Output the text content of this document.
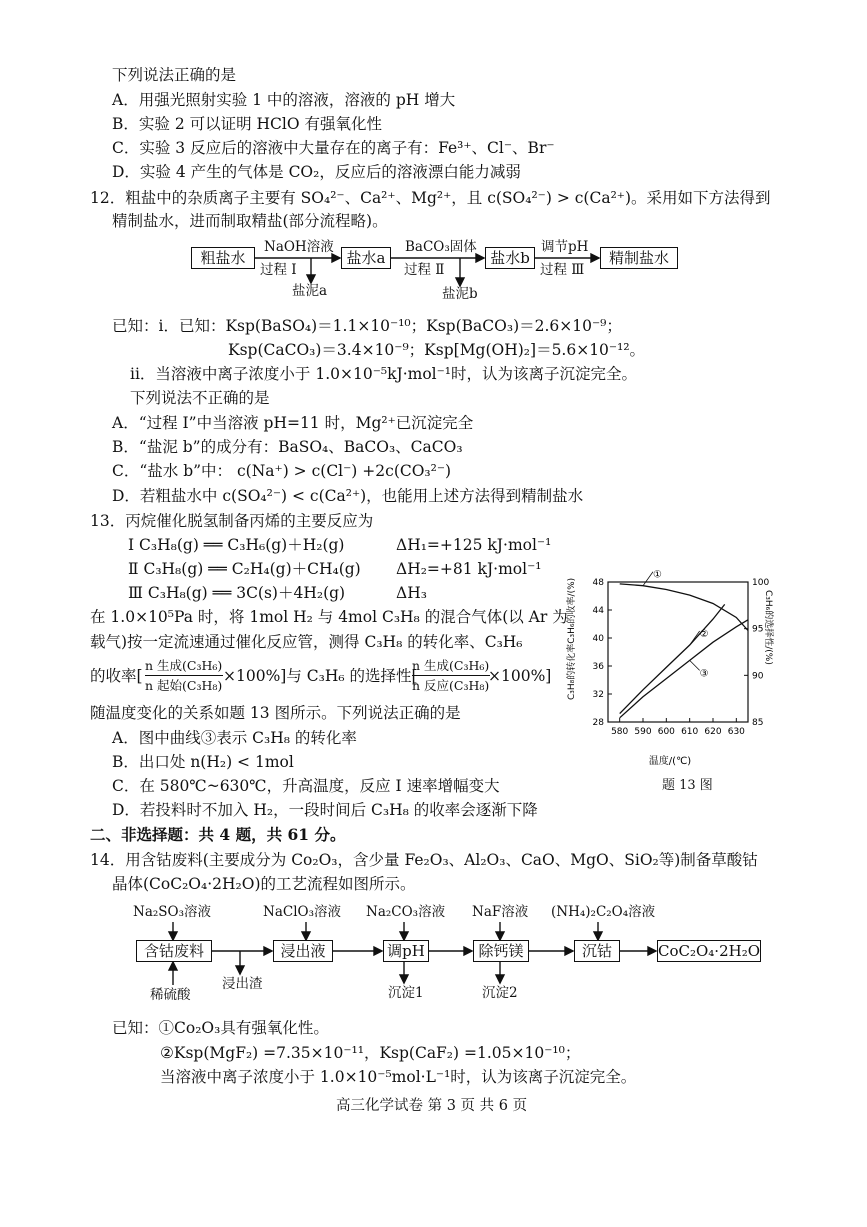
下列说法正确的是
A．用强光照射实验 1 中的溶液，溶液的 pH 增大
B．实验 2 可以证明 HClO 有强氧化性
C．实验 3 反应后的溶液中大量存在的离子有：Fe³⁺、Cl⁻、Br⁻
D．实验 4 产生的气体是 CO₂，反应后的溶液漂白能力减弱
12．粗盐中的杂质离子主要有 SO₄²⁻、Ca²⁺、Mg²⁺，且 c(SO₄²⁻) > c(Ca²⁺)。采用如下方法得到
精制盐水，进而制取精盐(部分流程略)。
粗盐水	盐水a	盐水b	精制盐水
NaOH溶液	BaCO₃固体	调节pH
过程 Ⅰ	过程 Ⅱ	过程 Ⅲ
盐泥a	盐泥b
已知：i．已知：Ksp(BaSO₄)＝1.1×10⁻¹⁰；Ksp(BaCO₃)＝2.6×10⁻⁹；
Ksp(CaCO₃)＝3.4×10⁻⁹；Ksp[Mg(OH)₂]＝5.6×10⁻¹²。
ii．当溶液中离子浓度小于 1.0×10⁻⁵kJ·mol⁻¹时，认为该离子沉淀完全。
下列说法不正确的是
A．“过程 Ⅰ”中当溶液 pH=11 时，Mg²⁺已沉淀完全
B．“盐泥 b”的成分有：BaSO₄、BaCO₃、CaCO₃
C．“盐水 b”中： c(Na⁺) > c(Cl⁻) +2c(CO₃²⁻)
D．若粗盐水中 c(SO₄²⁻) < c(Ca²⁺)，也能用上述方法得到精制盐水
13．丙烷催化脱氢制备丙烯的主要反应为
Ⅰ C₃H₈(g) ══ C₃H₆(g)＋H₂(g)	ΔH₁=+125 kJ·mol⁻¹
Ⅱ C₃H₈(g) ══ C₂H₄(g)＋CH₄(g) ΔH₂=+81 kJ·mol⁻¹
Ⅲ C₃H₈(g) ══ 3C(s)＋4H₂(g)	ΔH₃
在 1.0×10⁵Pa 时，将 1mol H₂ 与 4mol C₃H₈ 的混合气体(以 Ar 为
载气)按一定流速通过催化反应管，测得 C₃H₈ 的转化率、C₃H₆
的收率[
n 生成(C₃H₆)
n 起始(C₃H₈)
×100%]与 C₃H₆ 的选择性[
n 生成(C₃H₆)
n 反应(C₃H₈)
×100%]
随温度变化的关系如题 13 图所示。下列说法正确的是
A．图中曲线③表示 C₃H₈ 的转化率
B．出口处 n(H₂) < 1mol
C．在 580℃~630℃，升高温度，反应 Ⅰ 速率增幅变大
D．若投料时不加入 H₂，一段时间后 C₃H₈ 的收率会逐渐下降
①
②
③
580 590 600 610 620 630
28
32
36
40
44
48
85
90
95
100
温度/(℃)
C₃H₈的转化率C₃H₆的收率/(%)	C₃H₆的选择性/(%)
题 13 图
二、非选择题：共 4 题，共 61 分。
14．用含钴废料(主要成分为 Co₂O₃，含少量 Fe₂O₃、Al₂O₃、CaO、MgO、SiO₂等)制备草酸钴
晶体(CoC₂O₄·2H₂O)的工艺流程如图所示。
含钴废料	浸出液	调pH	除钙镁	沉钴	CoC₂O₄·2H₂O
Na₂SO₃溶液	NaClO₃溶液 Na₂CO₃溶液 NaF溶液 (NH₄)₂C₂O₄溶液
稀硫酸
浸出渣
沉淀1	沉淀2
已知：①Co₂O₃具有强氧化性。
②Ksp(MgF₂) =7.35×10⁻¹¹，Ksp(CaF₂) =1.05×10⁻¹⁰；
当溶液中离子浓度小于 1.0×10⁻⁵mol·L⁻¹时，认为该离子沉淀完全。
高三化学试卷 第 3 页 共 6 页
